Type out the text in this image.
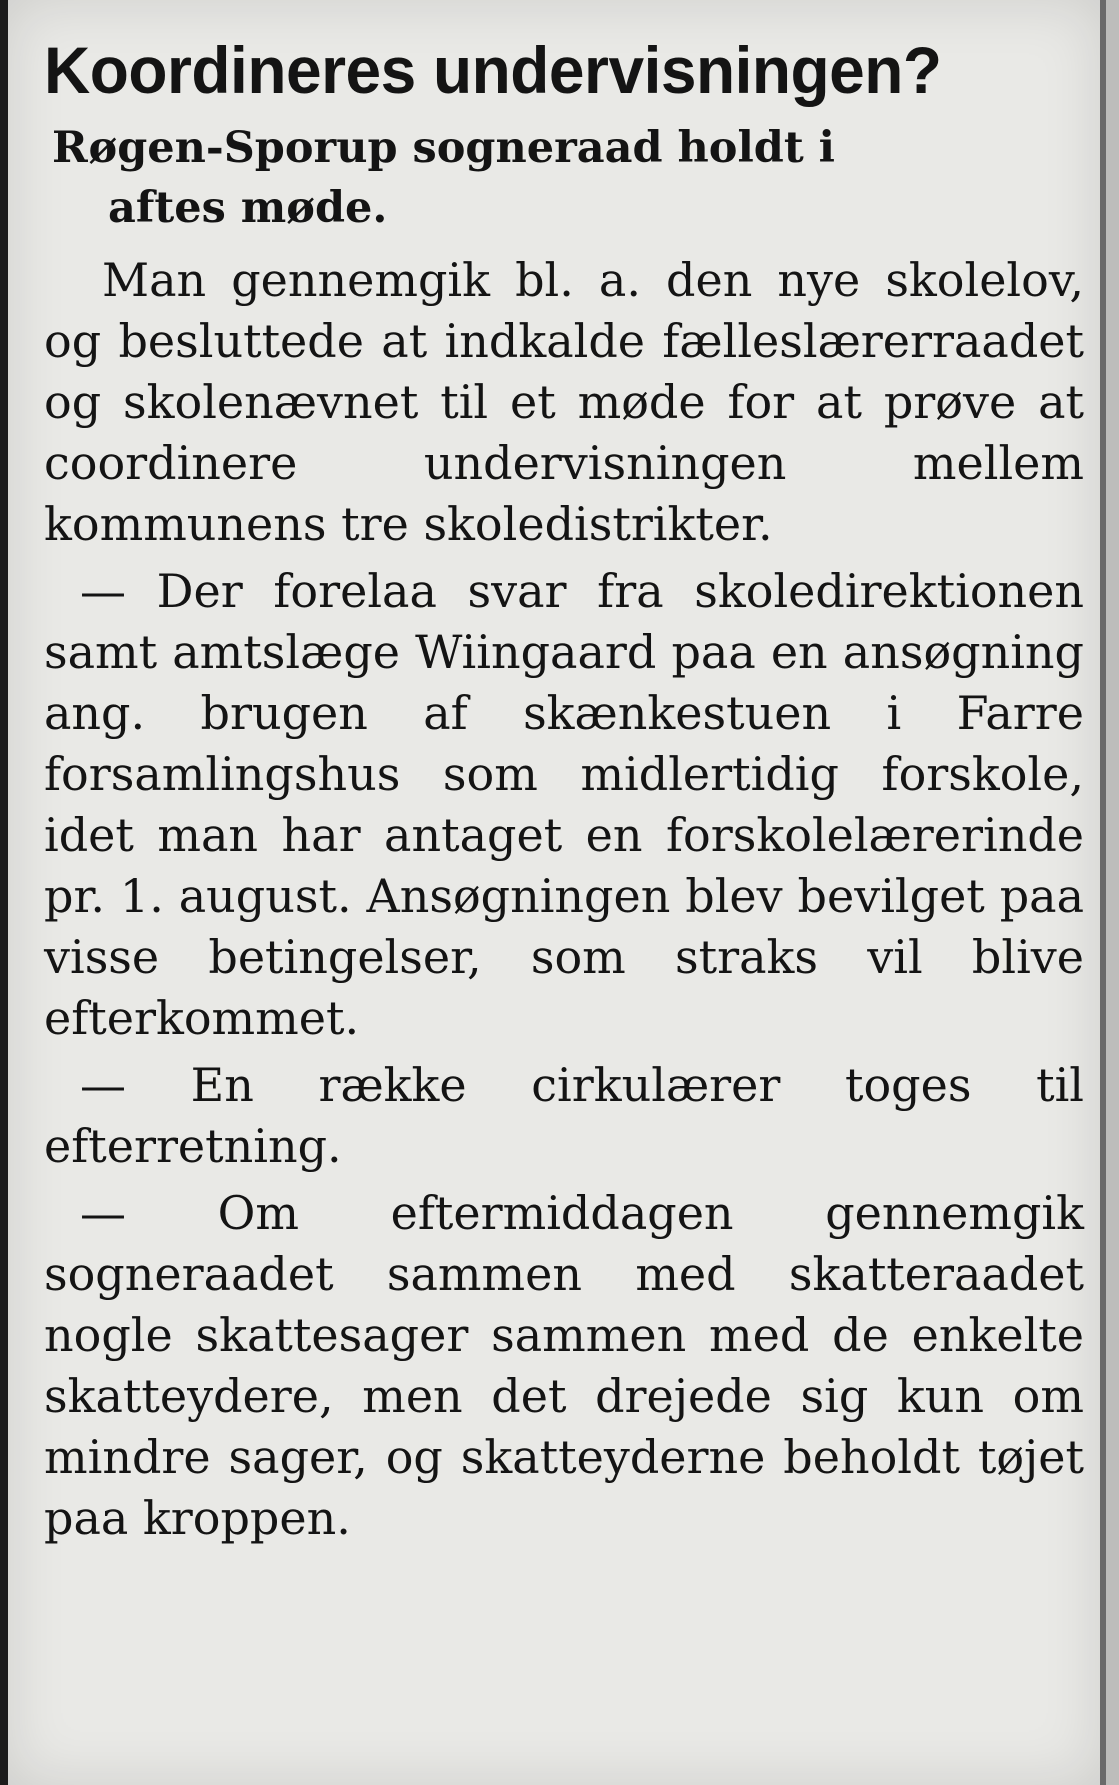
Koordineres undervisningen?
Røgen-Sporup sogneraad holdt i
aftes møde.

Man gennemgik bl. a. den nye skolelov, og besluttede at indkalde fælleslærerraadet og skolenævnet til et møde for at prøve at coordinere undervisningen mellem kommunens tre skoledistrikter.

— Der forelaa svar fra skoledirektionen samt amtslæge Wiingaard paa en ansøgning ang. brugen af skænkestuen i Farre forsamlingshus som midlertidig forskole, idet man har antaget en forskolelærerinde pr. 1. august. Ansøgningen blev bevilget paa visse betingelser, som straks vil blive efterkommet.

— En række cirkulærer toges til efterretning.

— Om eftermiddagen gennemgik sogneraadet sammen med skatteraadet nogle skattesager sammen med de enkelte skatteydere, men det drejede sig kun om mindre sager, og skatteyderne beholdt tøjet paa kroppen.
